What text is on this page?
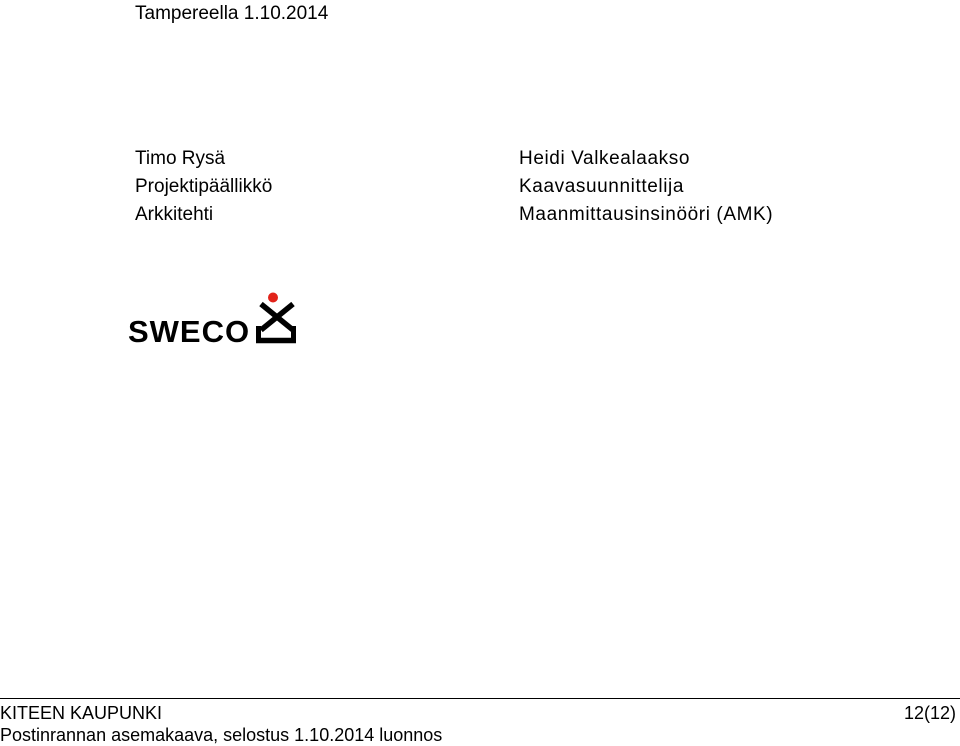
Tampereella 1.10.2014
Timo Rysä
Projektipäällikkö
Arkkitehti
Heidi Valkealaakso
Kaavasuunnittelija
Maanmittausinsinööri (AMK)
SWECO
KITEEN KAUPUNKI
Postinrannan asemakaava, selostus 1.10.2014 luonnos
12(12)
